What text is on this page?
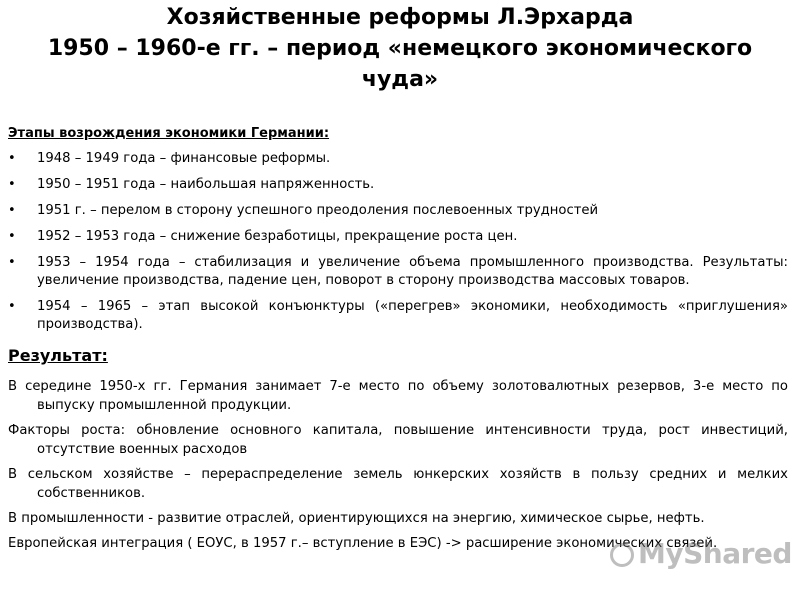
Хозяйственные реформы Л.Эрхарда
1950 – 1960-е гг. – период «немецкого экономического
чуда»
Этапы возрождения экономики Германии:
• 1948 – 1949 года – финансовые реформы.
• 1950 – 1951 года – наибольшая напряженность.
• 1951 г. – перелом в сторону успешного преодоления послевоенных трудностей
• 1952 – 1953 года – снижение безработицы, прекращение роста цен.
• 1953 – 1954 года – стабилизация и увеличение объема промышленного производства. Результаты: увеличение производства, падение цен, поворот в сторону производства массовых товаров.
• 1954 – 1965 – этап высокой конъюнктуры («перегрев» экономики, необходимость «приглушения» производства).
Результат:

В середине 1950-х гг. Германия занимает 7-е место по объему золотовалютных резервов, 3-е место по выпуску промышленной продукции.

Факторы роста: обновление основного капитала, повышение интенсивности труда, рост инвестиций, отсутствие военных расходов

В сельском хозяйстве – перераспределение земель юнкерских хозяйств в пользу средних и мелких собственников.

В промышленности - развитие отраслей, ориентирующихся на энергию, химическое сырье, нефть.

Европейская интеграция ( ЕОУС, в 1957 г.– вступление в ЕЭС) -> расширение экономических связей.

MyShared
